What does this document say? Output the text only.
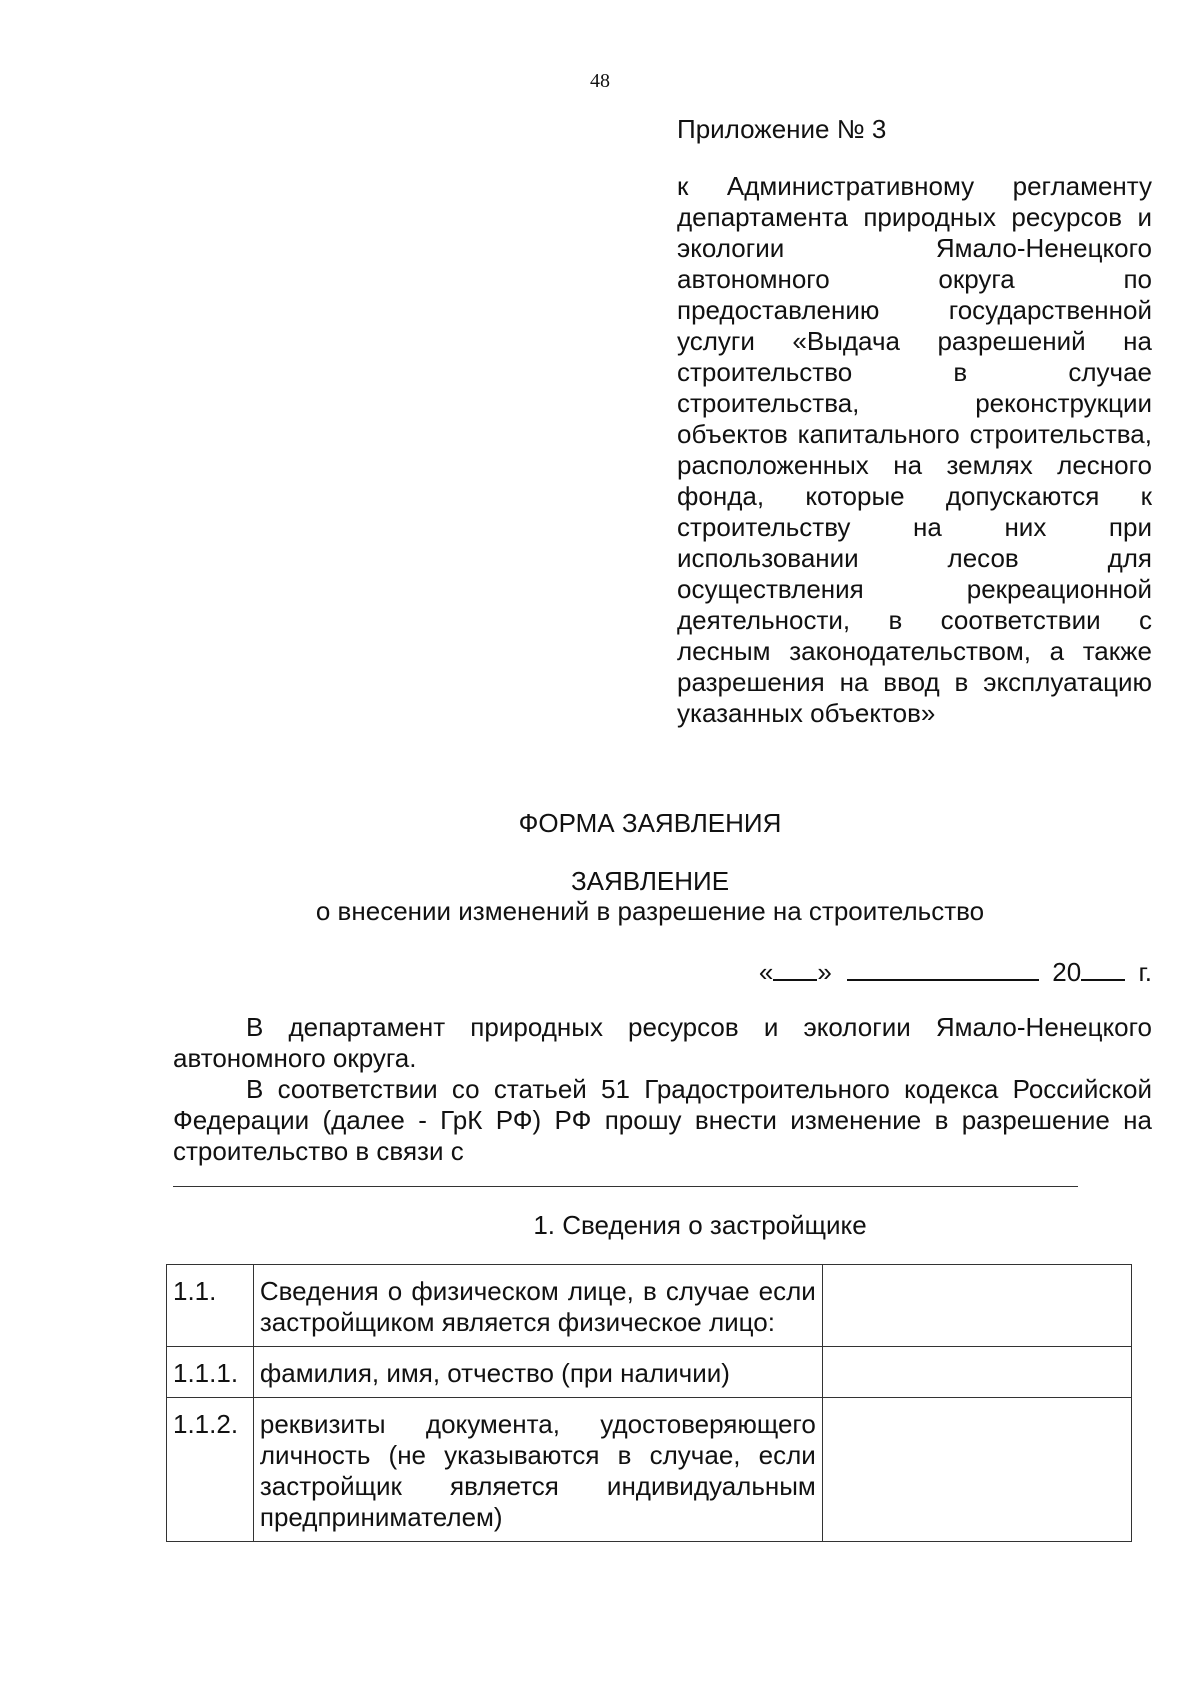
48
Приложение № 3
к Административному регламенту департамента природных ресурсов и экологии Ямало-Ненецкого автономного округа по предоставлению государственной услуги «Выдача разрешений на строительство в случае строительства, реконструкции объектов капитального строительства, расположенных на землях лесного фонда, которые допускаются к строительству на них при использовании лесов для осуществления рекреационной деятельности, в соответствии с лесным законодательством, а также разрешения на ввод в эксплуатацию указанных объектов»
ФОРМА ЗАЯВЛЕНИЯ
ЗАЯВЛЕНИЕ
о внесении изменений в разрешение на строительство
« »	20 г.

В департамент природных ресурсов и экологии Ямало-Ненецкого автономного округа.

В соответствии со статьей 51 Градостроительного кодекса Российской Федерации (далее - ГрК РФ) РФ прошу внести изменение в разрешение на строительство в связи с

1. Сведения о застройщике
1.1.	Сведения о физическом лице, в случае если застройщиком является физическое лицо:	
1.1.1.	фамилия, имя, отчество (при наличии)	
1.1.2.	реквизиты документа, удостоверяющего личность (не указываются в случае, если застройщик является индивидуальным предпринимателем)	
